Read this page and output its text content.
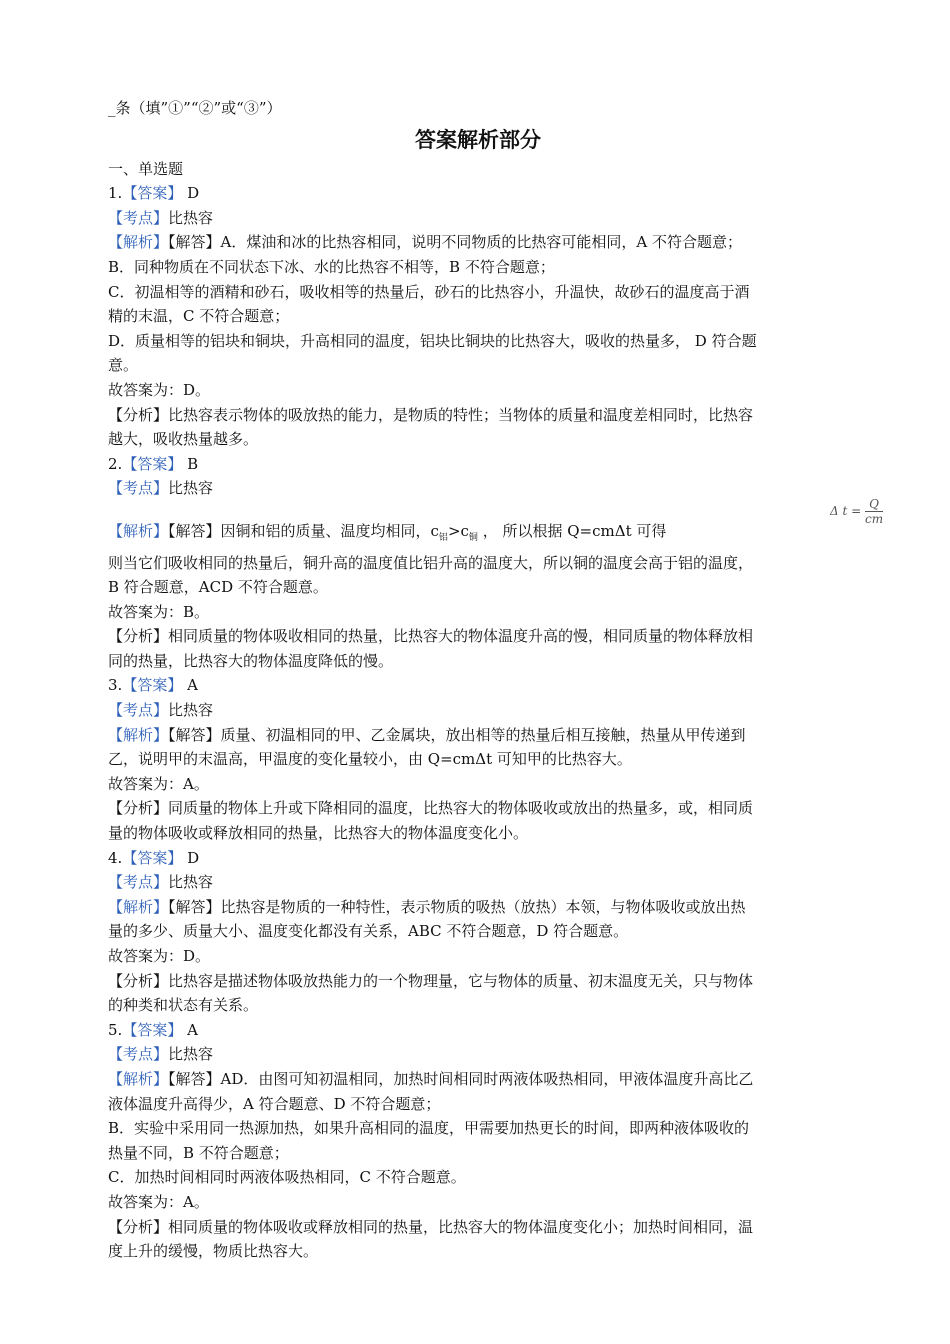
_条（填”①”“②”或“③”）
答案解析部分
一、单选题
1.【答案】 D
【考点】比热容
【解析】【解答】A．煤油和冰的比热容相同，说明不同物质的比热容可能相同，A 不符合题意；
B．同种物质在不同状态下冰、水的比热容不相等，B 不符合题意；
C．初温相等的酒精和砂石，吸收相等的热量后，砂石的比热容小，升温快，故砂石的温度高于酒
精的末温，C 不符合题意；
D．质量相等的铝块和铜块，升高相同的温度，铝块比铜块的比热容大，吸收的热量多， D 符合题
意。
故答案为：D。
【分析】比热容表示物体的吸放热的能力，是物质的特性；当物体的质量和温度差相同时，比热容
越大，吸收热量越多。
2.【答案】 B
【考点】比热容
【解析】【解答】因铜和铝的质量、温度均相同，$c_铝>c_铜$ ， 所以根据 Q=cmΔt 可得
Δ $t = \frac{Q}{cm}$
则当它们吸收相同的热量后，铜升高的温度值比铝升高的温度大，所以铜的温度会高于铝的温度，
B 符合题意，ACD 不符合题意。
故答案为：B。
【分析】相同质量的物体吸收相同的热量，比热容大的物体温度升高的慢，相同质量的物体释放相
同的热量，比热容大的物体温度降低的慢。
3.【答案】 A
【考点】比热容
【解析】【解答】质量、初温相同的甲、乙金属块，放出相等的热量后相互接触，热量从甲传递到
乙，说明甲的末温高，甲温度的变化量较小，由 Q=cmΔt 可知甲的比热容大。
故答案为：A。
【分析】同质量的物体上升或下降相同的温度，比热容大的物体吸收或放出的热量多，或，相同质
量的物体吸收或释放相同的热量，比热容大的物体温度变化小。
4.【答案】 D
【考点】比热容
【解析】【解答】比热容是物质的一种特性，表示物质的吸热（放热）本领，与物体吸收或放出热
量的多少、质量大小、温度变化都没有关系，ABC 不符合题意，D 符合题意。
故答案为：D。
【分析】比热容是描述物体吸放热能力的一个物理量，它与物体的质量、初末温度无关，只与物体
的种类和状态有关系。
5.【答案】 A
【考点】比热容
【解析】【解答】AD．由图可知初温相同，加热时间相同时两液体吸热相同，甲液体温度升高比乙
液体温度升高得少，A 符合题意、D 不符合题意；
B．实验中采用同一热源加热，如果升高相同的温度，甲需要加热更长的时间，即两种液体吸收的
热量不同，B 不符合题意；
C．加热时间相同时两液体吸热相同，C 不符合题意。
故答案为：A。
【分析】相同质量的物体吸收或释放相同的热量，比热容大的物体温度变化小；加热时间相同，温
度上升的缓慢，物质比热容大。
